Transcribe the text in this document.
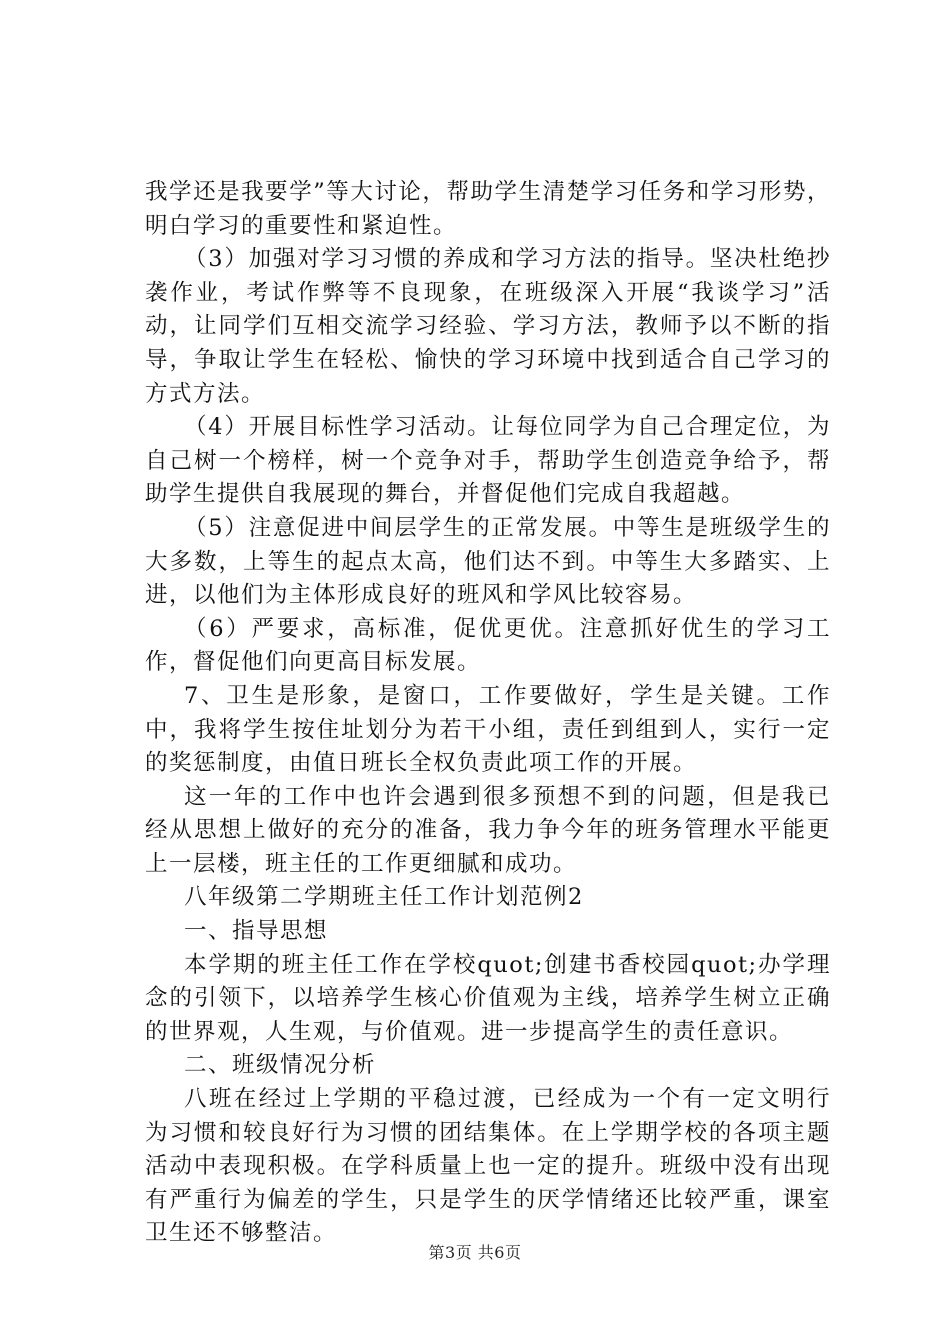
我学还是我要学”等大讨论，帮助学生清楚学习任务和学习形势，明白学习的重要性和紧迫性。

（3）加强对学习习惯的养成和学习方法的指导。坚决杜绝抄袭作业，考试作弊等不良现象，在班级深入开展“我谈学习”活动，让同学们互相交流学习经验、学习方法，教师予以不断的指导，争取让学生在轻松、愉快的学习环境中找到适合自己学习的方式方法。

（4）开展目标性学习活动。让每位同学为自己合理定位，为自己树一个榜样，树一个竞争对手，帮助学生创造竞争给予，帮助学生提供自我展现的舞台，并督促他们完成自我超越。

（5）注意促进中间层学生的正常发展。中等生是班级学生的大多数，上等生的起点太高，他们达不到。中等生大多踏实、上进，以他们为主体形成良好的班风和学风比较容易。

（6）严要求，高标准，促优更优。注意抓好优生的学习工作，督促他们向更高目标发展。

7、卫生是形象，是窗口，工作要做好，学生是关键。工作中，我将学生按住址划分为若干小组，责任到组到人，实行一定的奖惩制度，由值日班长全权负责此项工作的开展。

这一年的工作中也许会遇到很多预想不到的问题，但是我已经从思想上做好的充分的准备，我力争今年的班务管理水平能更上一层楼，班主任的工作更细腻和成功。

八年级第二学期班主任工作计划范例2

一、指导思想

本学期的班主任工作在学校quot;创建书香校园quot;办学理念的引领下，以培养学生核心价值观为主线，培养学生树立正确的世界观，人生观，与价值观。进一步提高学生的责任意识。

二、班级情况分析

八班在经过上学期的平稳过渡，已经成为一个有一定文明行为习惯和较良好行为习惯的团结集体。在上学期学校的各项主题活动中表现积极。在学科质量上也一定的提升。班级中没有出现有严重行为偏差的学生，只是学生的厌学情绪还比较严重，课室卫生还不够整洁。

第3页 共6页
